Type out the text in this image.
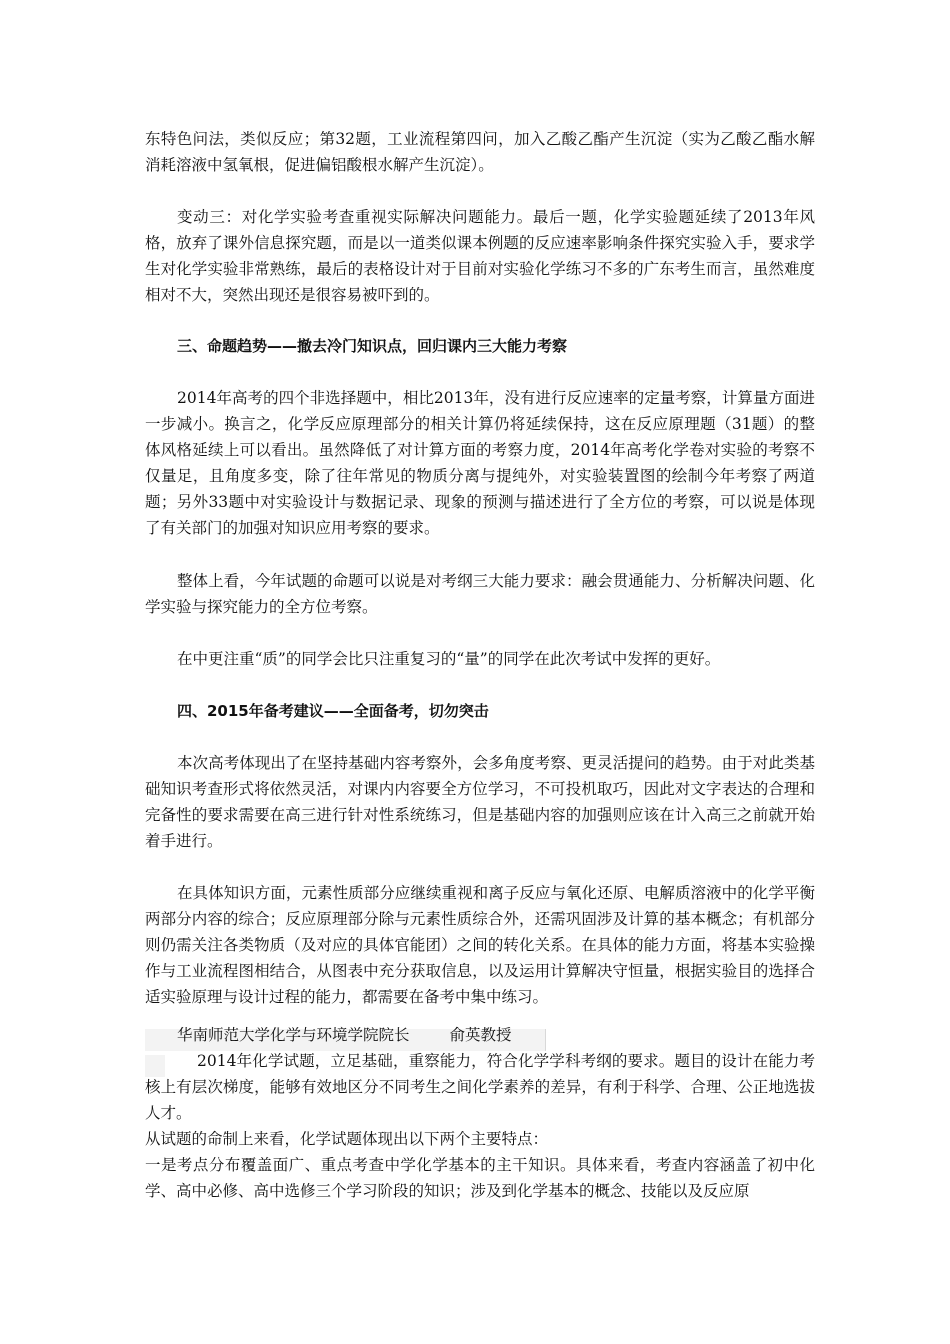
东特色问法，类似反应；第32题，工业流程第四问，加入乙酸乙酯产生沉淀（实为乙酸乙酯水解消耗溶液中氢氧根，促进偏铝酸根水解产生沉淀）。

变动三：对化学实验考查重视实际解决问题能力。最后一题，化学实验题延续了2013年风格，放弃了课外信息探究题，而是以一道类似课本例题的反应速率影响条件探究实验入手，要求学生对化学实验非常熟练，最后的表格设计对于目前对实验化学练习不多的广东考生而言，虽然难度相对不大，突然出现还是很容易被吓到的。

三、命题趋势——撤去冷门知识点，回归课内三大能力考察

2014年高考的四个非选择题中，相比2013年，没有进行反应速率的定量考察，计算量方面进一步减小。换言之，化学反应原理部分的相关计算仍将延续保持，这在反应原理题（31题）的整体风格延续上可以看出。虽然降低了对计算方面的考察力度，2014年高考化学卷对实验的考察不仅量足，且角度多变，除了往年常见的物质分离与提纯外，对实验装置图的绘制今年考察了两道题；另外33题中对实验设计与数据记录、现象的预测与描述进行了全方位的考察，可以说是体现了有关部门的加强对知识应用考察的要求。

整体上看，今年试题的命题可以说是对考纲三大能力要求：融会贯通能力、分析解决问题、化学实验与探究能力的全方位考察。

在中更注重“质”的同学会比只注重复习的“量”的同学在此次考试中发挥的更好。

四、2015年备考建议——全面备考，切勿突击

本次高考体现出了在坚持基础内容考察外，会多角度考察、更灵活提问的趋势。由于对此类基础知识考查形式将依然灵活，对课内内容要全方位学习，不可投机取巧，因此对文字表达的合理和完备性的要求需要在高三进行针对性系统练习，但是基础内容的加强则应该在计入高三之前就开始着手进行。

在具体知识方面，元素性质部分应继续重视和离子反应与氧化还原、电解质溶液中的化学平衡两部分内容的综合；反应原理部分除与元素性质综合外，还需巩固涉及计算的基本概念；有机部分则仍需关注各类物质（及对应的具体官能团）之间的转化关系。在具体的能力方面，将基本实验操作与工业流程图相结合，从图表中充分获取信息，以及运用计算解决守恒量，根据实验目的选择合适实验原理与设计过程的能力，都需要在备考中集中练习。

华南师范大学化学与环境学院院长	俞英教授

2014年化学试题，立足基础，重察能力，符合化学学科考纲的要求。题目的设计在能力考核上有层次梯度，能够有效地区分不同考生之间化学素养的差异，有利于科学、合理、公正地选拔人才。

从试题的命制上来看，化学试题体现出以下两个主要特点：

一是考点分布覆盖面广、重点考查中学化学基本的主干知识。具体来看，考查内容涵盖了初中化学、高中必修、高中选修三个学习阶段的知识；涉及到化学基本的概念、技能以及反应原
